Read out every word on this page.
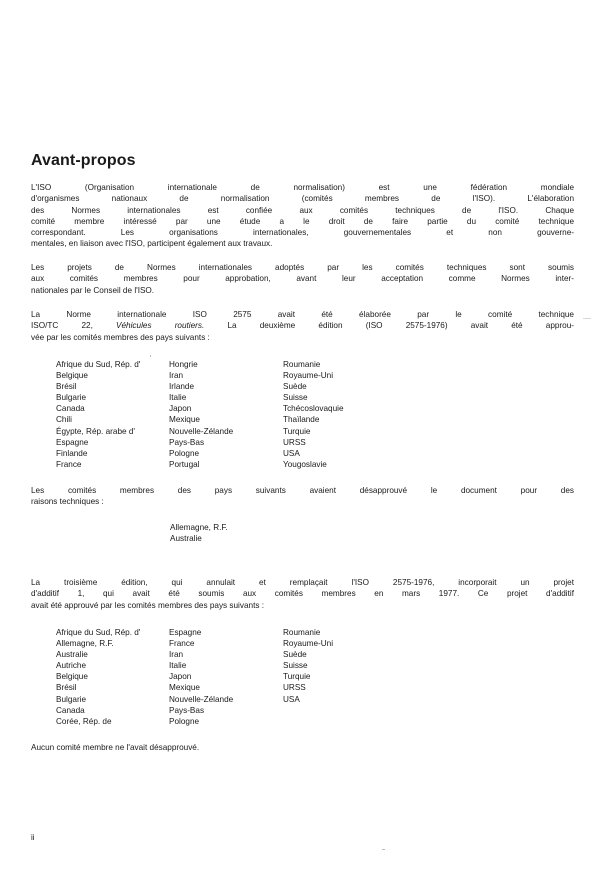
Avant-propos

L'ISO (Organisation internationale de normalisation) est une fédération mondiale
d'organismes nationaux de normalisation (comités membres de l'ISO). L'élaboration
des Normes internationales est confiée aux comités techniques de l'ISO. Chaque
comité membre intéressé par une étude a le droit de faire partie du comité technique
correspondant. Les organisations internationales, gouvernementales et non gouverne-
mentales, en liaison avec l'ISO, participent également aux travaux.

Les projets de Normes internationales adoptés par les comités techniques sont soumis
aux comités membres pour approbation, avant leur acceptation comme Normes inter-
nationales par le Conseil de l'ISO.

La Norme internationale ISO 2575 avait été élaborée par le comité technique
ISO/TC 22, Véhicules routiers. La deuxième édition (ISO 2575-1976) avait été approu-
vée par les comités membres des pays suivants :

Afrique du Sud, Rép. d'
Belgique
Brésil
Bulgarie
Canada
Chili
Égypte, Rép. arabe d'
Espagne
Finlande
France
Hongrie
Iran
Irlande
Italie
Japon
Mexique
Nouvelle-Zélande
Pays-Bas
Pologne
Portugal
Roumanie
Royaume-Uni
Suède
Suisse
Tchécoslovaquie
Thaïlande
Turquie
URSS
USA
Yougoslavie

Les comités membres des pays suivants avaient désapprouvé le document pour des
raisons techniques :

Allemagne, R.F.
Australie

La troisième édition, qui annulait et remplaçait l'ISO 2575-1976, incorporait un projet
d'additif 1, qui avait été soumis aux comités membres en mars 1977. Ce projet d'additif
avait été approuvé par les comités membres des pays suivants :

Afrique du Sud, Rép. d'
Allemagne, R.F.
Australie
Autriche
Belgique
Brésil
Bulgarie
Canada
Corée, Rép. de
Espagne
France
Iran
Italie
Japon
Mexique
Nouvelle-Zélande
Pays-Bas
Pologne
Roumanie
Royaume-Uni
Suède
Suisse
Turquie
URSS
USA

Aucun comité membre ne l'avait désapprouvé.

ii
